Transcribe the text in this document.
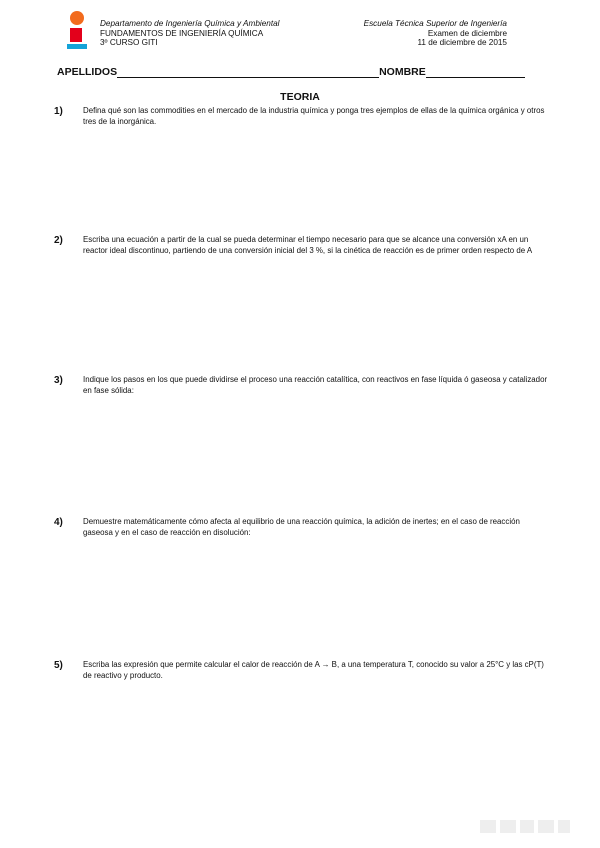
Departamento de Ingeniería Química y Ambiental
FUNDAMENTOS DE INGENIERÍA QUÍMICA
3º CURSO GITI
Escuela Técnica Superior de Ingeniería
Examen de diciembre
11 de diciembre de 2015
APELLIDOS	NOMBRE
TEORIA
1)	Defina qué son las commodities en el mercado de la industria química y ponga tres ejemplos de ellas de la química orgánica y otros tres de la inorgánica.
2)	Escriba una ecuación a partir de la cual se pueda determinar el tiempo necesario para que se alcance una conversión xA en un reactor ideal discontinuo, partiendo de una conversión inicial del 3 %, si la cinética de reacción es de primer orden respecto de A
3)	Indique los pasos en los que puede dividirse el proceso una reacción catalítica, con reactivos en fase líquida ó gaseosa y catalizador en fase sólida:
4)	Demuestre matemáticamente cómo afecta al equilibrio de una reacción química, la adición de inertes; en el caso de reacción gaseosa y en el caso de reacción en disolución:
5)	Escriba las expresión que permite calcular el calor de reacción de A → B, a una temperatura T, conocido su valor a 25°C y las cP(T) de reactivo y producto.
